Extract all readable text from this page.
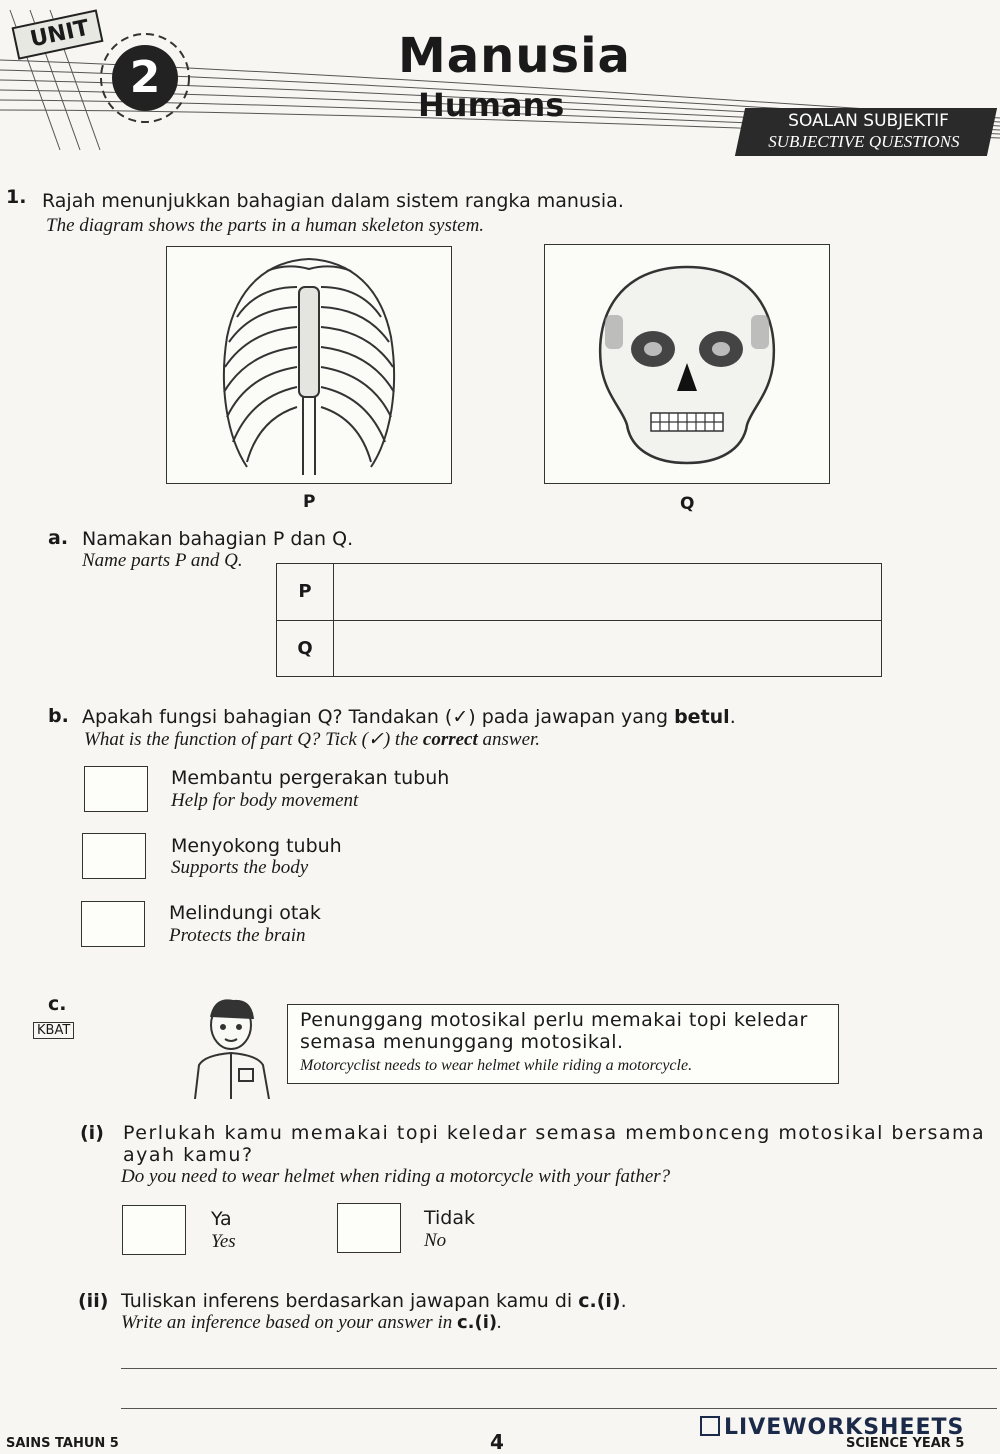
UNIT
2	Manusia
Humans	SOALAN SUBJEKTIF
SUBJECTIVE QUESTIONS
1. Rajah menunjukkan bahagian dalam sistem rangka manusia.
The diagram shows the parts in a human skeleton system.
P	Q
a. Namakan bahagian P dan Q.
Name parts P and Q.
P
Q
b. Apakah fungsi bahagian Q? Tandakan (✓) pada jawapan yang betul.
What is the function of part Q? Tick (✓) the correct answer.
Membantu pergerakan tubuh
Help for body movement
Menyokong tubuh
Supports the body
Melindungi otak
Protects the brain
c.
KBAT	Penunggang motosikal perlu memakai topi keledar semasa menunggang motosikal.
Motorcyclist needs to wear helmet while riding a motorcycle.
(i) Perlukah kamu memakai topi keledar semasa membonceng motosikal bersama ayah kamu?
Do you need to wear helmet when riding a motorcycle with your father?
Ya
Yes
Tidak
No
(ii) Tuliskan inferens berdasarkan jawapan kamu di c.(i).
Write an inference based on your answer in c.(i).
SAINS TAHUN 5	4	SCIENCE YEAR 5
LIVEWORKSHEETS
